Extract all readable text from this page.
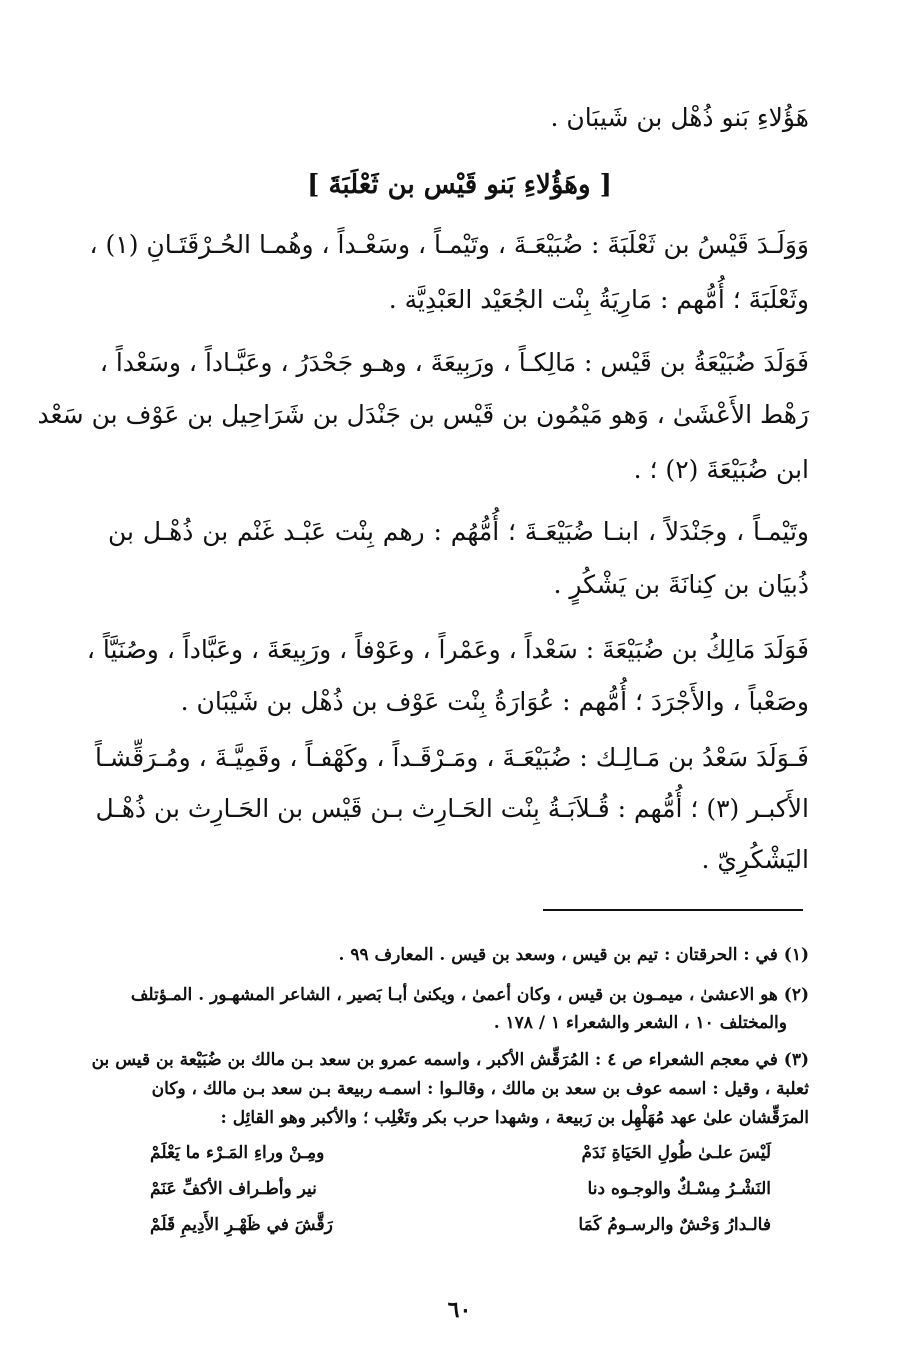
هَؤُلاءِ بَنو ذُهْل بن شَيبَان .
[ وهَؤُلاءِ بَنو قَيْس بن ثَعْلَبَةَ ]
وَوَلَـدَ قَيْسُ بن ثَعْلَبَةَ : ضُبَيْعَـةَ ، وتَيْمـاً ، وسَعْـداً ، وهُمـا الحُـرْقَتَـانِ (١) ،
وثَعْلَبَةَ ؛ أُمُّهم : مَارِيَةُ بِنْت الجُعَيْد العَبْدِيَّة .
فَوَلَدَ ضُبَيْعَةُ بن قَيْس : مَالِكـاً ، ورَبِيعَةَ ، وهـو جَحْدَرُ ، وعَبَّـاداً ، وسَعْداً ،
رَهْط الأَعْشَىٰ ، وَهو مَيْمُون بن قَيْس بن جَنْدَل بن شَرَاحِيل بن عَوْف بن سَعْد
ابن ضُبَيْعَةَ (٢) ؛ .
وتَيْمـاً ، وجَنْدَلاً ، ابنـا ضُبَيْعَـةَ ؛ أُمُّهُم : رهم بِنْت عَبْـد غَنْم بن ذُهْـل بن
ذُبيَان بن كِنانَةَ بن يَشْكُرٍ .
فَوَلَدَ مَالِكُ بن ضُبَيْعَةَ : سَعْداً ، وعَمْراً ، وعَوْفاً ، ورَبِيعَةَ ، وعَبَّاداً ، وصُنَيَّاً ،
وصَعْباً ، والأَجْرَدَ ؛ أُمُّهم : عُوَارَةُ بِنْت عَوْف بن ذُهْل بن شَيْبَان .
فَـوَلَدَ سَعْدُ بن مَـالِـك : ضُبَيْعَـةَ ، ومَـرْقَـداً ، وكَهْفـاً ، وقَمِيَّـةَ ، ومُـرَقِّشـاً
الأَكبـر (٣) ؛ أُمُّهم : قُـلاَبَـةُ بِنْت الحَـارِث بـن قَيْس بن الحَـارِث بن ذُهْـل
اليَشْكُرِيّ .
(١) في : الحرقتان : تيم بن قيس ، وسعد بن قيس . المعارف ٩٩ .
(٢) هو الاعشىٰ ، ميمـون بن قيس ، وكان أعمىٰ ، ويكنىٰ أبـا بَصير ، الشاعر المشهـور . المـؤتلف
والمختلف ١٠ ، الشعر والشعراء ١ / ١٧٨ .
(٣) في معجم الشعراء ص ٤ : المُرَقِّش الأكبر ، واسمه عمرو بن سعد بـن مالك بن ضُبَيْعة بن قيس بن
ثعلبة ، وقيل : اسمه عوف بن سعد بن مالك ، وقالـوا : اسمـه ربيعة بـن سعد بـن مالك ، وكان
المرَقِّشان علىٰ عهد مُهَلْهِل بن رَبيعة ، وشهدا حرب بكر وتَغْلِب ؛ والأكبر وهو القائِل :
لَيْسَ علـىٰ طُولِ الحَيَاةِ نَدَمْ
ومِـنْ وراءِ المَـرْء ما يَعْلَمْ
النَشْـرُ مِسْـكٌ والوجـوه دنا
نير وأطـراف الأكفِّ عَنَمْ
فالـدارُ وَحْشٌ والرسـومُ كَمَا
رَقَّشَ في ظَهْـرِ الأَدِيمِ قَلَمْ
٦٠
